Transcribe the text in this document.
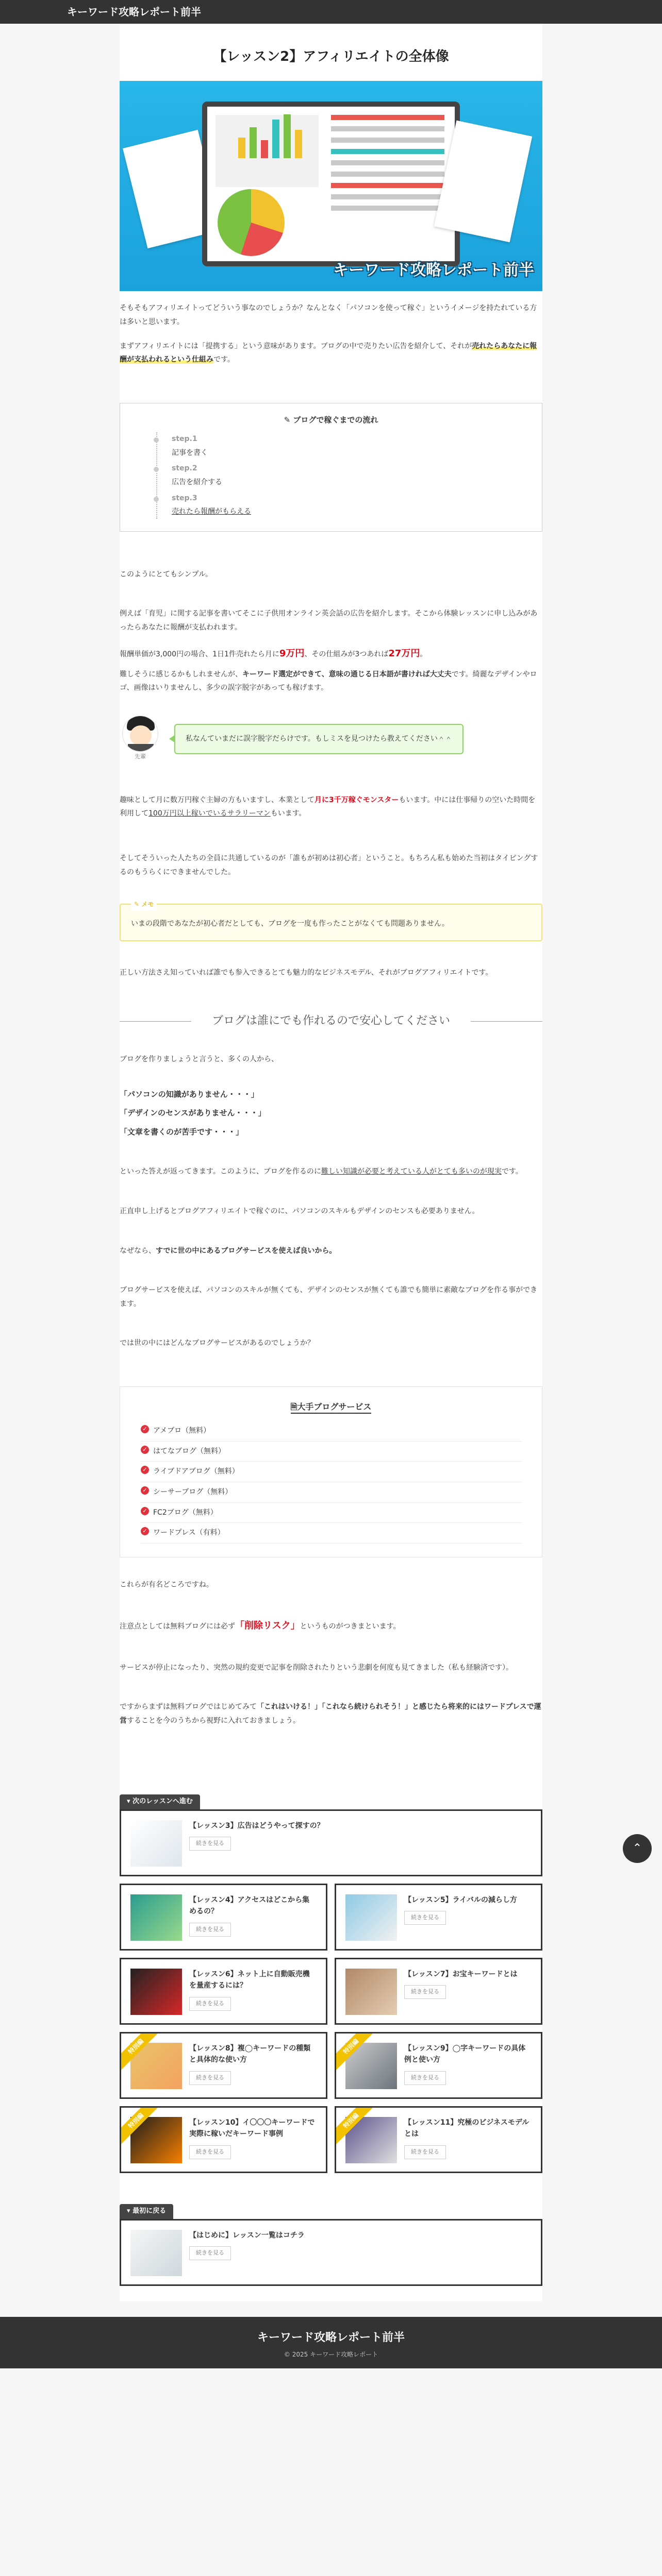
キーワード攻略レポート前半
【レッスン2】アフィリエイトの全体像
キーワード攻略レポート前半

そもそもアフィリエイトってどういう事なのでしょうか？なんとなく「パソコンを使って稼ぐ」というイメージを持たれている方は多いと思います。

まずアフィリエイトには「提携する」という意味があります。ブログの中で売りたい広告を紹介して、それが売れたらあなたに報酬が支払われるという仕組みです。

✎ ブログで稼ぐまでの流れ
step.1
記事を書く
step.2
広告を紹介する
step.3
売れたら報酬がもらえる

このようにとてもシンプル。

例えば「育児」に関する記事を書いてそこに子供用オンライン英会話の広告を紹介します。そこから体験レッスンに申し込みがあったらあなたに報酬が支払われます。

報酬単価が3,000円の場合、1日1件売れたら月に9万円、その仕組みが3つあれば27万円。

難しそうに感じるかもしれませんが、キーワード選定ができて、意味の通じる日本語が書ければ大丈夫です。綺麗なデザインやロゴ、画像はいりませんし、多少の誤字脱字があっても稼げます。

先輩
私なんていまだに誤字脱字だらけです。もしミスを見つけたら教えてください＾＾

趣味として月に数万円稼ぐ主婦の方もいますし、本業として月に3千万稼ぐモンスターもいます。中には仕事帰りの空いた時間を利用して100万円以上稼いでいるサラリーマンもいます。

そしてそういった人たちの全員に共通しているのが「誰もが初めは初心者」ということ。もちろん私も始めた当初はタイピングするのもうらくにできませんでした。

✎ メモ
いまの段階であなたが初心者だとしても、ブログを一度も作ったことがなくても問題ありません。

正しい方法さえ知っていれば誰でも参入できるとても魅力的なビジネスモデル、それがブログアフィリエイトです。

ブログは誰にでも作れるので安心してください

ブログを作りましょうと言うと、多くの人から、

「パソコンの知識がありません・・・」
「デザインのセンスがありません・・・」
「文章を書くのが苦手です・・・」

といった答えが返ってきます。このように、ブログを作るのに難しい知識が必要と考えている人がとても多いのが現実です。

正直申し上げるとブログアフィリエイトで稼ぐのに、パソコンのスキルもデザインのセンスも必要ありません。

なぜなら、すでに世の中にあるブログサービスを使えば良いから。

ブログサービスを使えば、パソコンのスキルが無くても、デザインのセンスが無くても誰でも簡単に素敵なブログを作る事ができます。

では世の中にはどんなブログサービスがあるのでしょうか？

🗎大手ブログサービス
✓ アメブロ（無料）
✓ はてなブログ（無料）
✓ ライブドアブログ（無料）
✓ シーサーブログ（無料）
✓ FC2ブログ（無料）
✓ ワードプレス（有料）

これらが有名どころですね。

注意点としては無料ブログには必ず「削除リスク」というものがつきまといます。

サービスが停止になったり、突然の規約変更で記事を削除されたりという悲劇を何度も見てきました（私も経験済です）。

ですからまずは無料ブログではじめてみて「これはいける！」「これなら続けられそう！」と感じたら将来的にはワードプレスで運営することを今のうちから視野に入れておきましょう。

▾ 次のレッスンへ進む
【レッスン3】広告はどうやって探すの？
続きを見る
【レッスン4】アクセスはどこから集めるの？
続きを見る
【レッスン5】ライバルの減らし方
続きを見る
【レッスン6】ネット上に自動販売機を量産するには？
続きを見る
【レッスン7】お宝キーワードとは
続きを見る
特別編	【レッスン8】複◯キーワードの種類と具体的な使い方
続きを見る
特別編	【レッスン9】◯字キーワードの具体例と使い方
続きを見る
特別編	【レッスン10】イ〇〇〇キーワードで実際に稼いだキーワード事例
続きを見る
特別編	【レッスン11】究極のビジネスモデルとは
続きを見る
▾ 最初に戻る
【はじめに】レッスン一覧はコチラ
続きを見る
キーワード攻略レポート前半
© 2025 キーワード攻略レポート
⌃
